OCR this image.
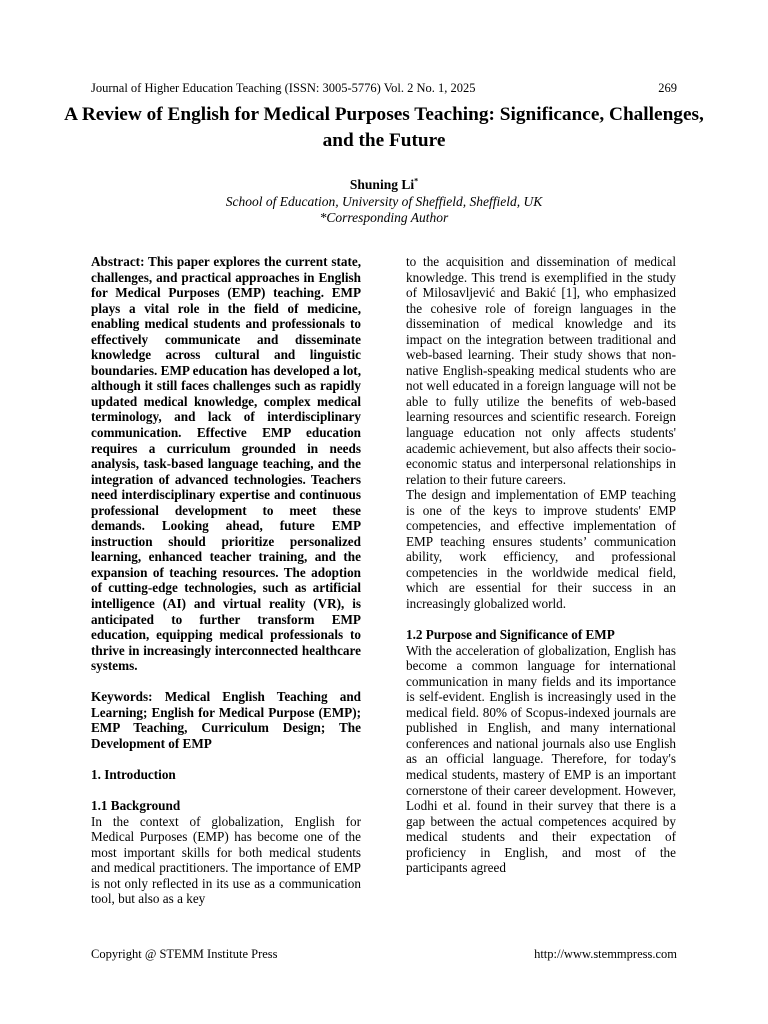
Journal of Higher Education Teaching (ISSN: 3005-5776) Vol. 2 No. 1, 2025	269
A Review of English for Medical Purposes Teaching: Significance, Challenges, and the Future
Shuning Li*
School of Education, University of Sheffield, Sheffield, UK
*Corresponding Author

Abstract: This paper explores the current state, challenges, and practical approaches in English for Medical Purposes (EMP) teaching. EMP plays a vital role in the field of medicine, enabling medical students and professionals to effectively communicate and disseminate knowledge across cultural and linguistic boundaries. EMP education has developed a lot, although it still faces challenges such as rapidly updated medical knowledge, complex medical terminology, and lack of interdisciplinary communication. Effective EMP education requires a curriculum grounded in needs analysis, task-based language teaching, and the integration of advanced technologies. Teachers need interdisciplinary expertise and continuous professional development to meet these demands. Looking ahead, future EMP instruction should prioritize personalized learning, enhanced teacher training, and the expansion of teaching resources. The adoption of cutting-edge technologies, such as artificial intelligence (AI) and virtual reality (VR), is anticipated to further transform EMP education, equipping medical professionals to thrive in increasingly interconnected healthcare systems.

Keywords: Medical English Teaching and Learning; English for Medical Purpose (EMP); EMP Teaching, Curriculum Design; The Development of EMP

1. Introduction

1.1 Background

In the context of globalization, English for Medical Purposes (EMP) has become one of the most important skills for both medical students and medical practitioners. The importance of EMP is not only reflected in its use as a communication tool, but also as a key

to the acquisition and dissemination of medical knowledge. This trend is exemplified in the study of Milosavljević and Bakić [1], who emphasized the cohesive role of foreign languages in the dissemination of medical knowledge and its impact on the integration between traditional and web-based learning. Their study shows that non-native English-speaking medical students who are not well educated in a foreign language will not be able to fully utilize the benefits of web-based learning resources and scientific research. Foreign language education not only affects students' academic achievement, but also affects their socio-economic status and interpersonal relationships in relation to their future careers.

The design and implementation of EMP teaching is one of the keys to improve students' EMP competencies, and effective implementation of EMP teaching ensures students’ communication ability, work efficiency, and professional competencies in the worldwide medical field, which are essential for their success in an increasingly globalized world.

1.2 Purpose and Significance of EMP

With the acceleration of globalization, English has become a common language for international communication in many fields and its importance is self-evident. English is increasingly used in the medical field. 80% of Scopus-indexed journals are published in English, and many international conferences and national journals also use English as an official language. Therefore, for today's medical students, mastery of EMP is an important cornerstone of their career development. However, Lodhi et al. found in their survey that there is a gap between the actual competences acquired by medical students and their expectation of proficiency in English, and most of the participants agreed

Copyright @ STEMM Institute Press	http://www.stemmpress.com
